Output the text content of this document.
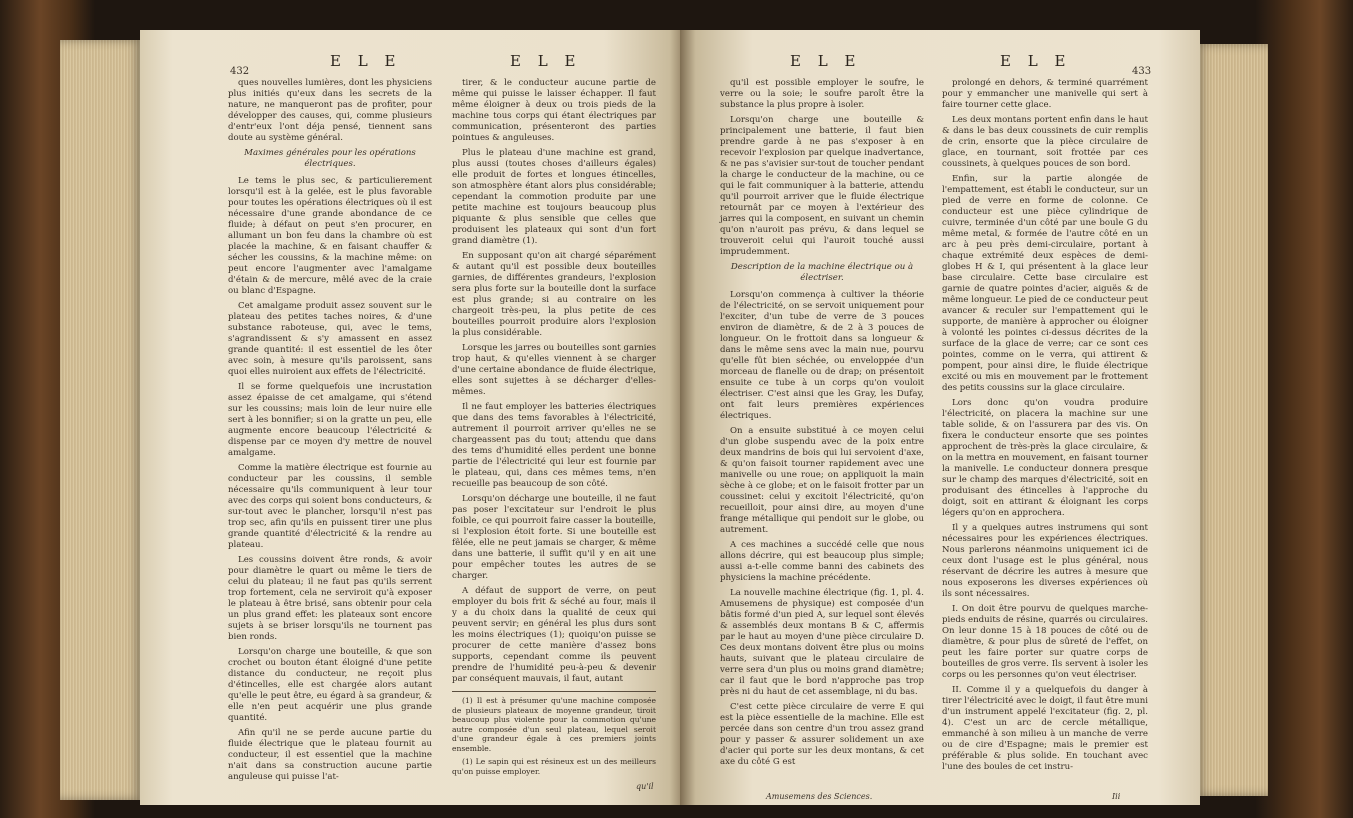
432
E L E	E L E

ques nouvelles lumières, dont les physiciens plus initiés qu'eux dans les secrets de la nature, ne manqueront pas de profiter, pour développer des causes, qui, comme plusieurs d'entr'eux l'ont déja pensé, tiennent sans doute au système général.

Maximes générales pour les opérations électriques.

Le tems le plus sec, & particulierement lorsqu'il est à la gelée, est le plus favorable pour toutes les opérations électriques où il est nécessaire d'une grande abondance de ce fluide; à défaut on peut s'en procurer, en allumant un bon feu dans la chambre où est placée la machine, & en faisant chauffer & sécher les coussins, & la machine même: on peut encore l'augmenter avec l'amalgame d'étain & de mercure, mêlé avec de la craie ou blanc d'Espagne.

Cet amalgame produit assez souvent sur le plateau des petites taches noires, & d'une substance raboteuse, qui, avec le tems, s'agrandissent & s'y amassent en assez grande quantité: il est essentiel de les ôter avec soin, à mesure qu'ils paroissent, sans quoi elles nuiroient aux effets de l'électricité.

Il se forme quelquefois une incrustation assez épaisse de cet amalgame, qui s'étend sur les coussins; mais loin de leur nuire elle sert à les bonnifier; si on la gratte un peu, elle augmente encore beaucoup l'électricité & dispense par ce moyen d'y mettre de nouvel amalgame.

Comme la matière électrique est fournie au conducteur par les coussins, il semble nécessaire qu'ils communiquent à leur tour avec des corps qui soient bons conducteurs, & sur-tout avec le plancher, lorsqu'il n'est pas trop sec, afin qu'ils en puissent tirer une plus grande quantité d'électricité & la rendre au plateau.

Les coussins doivent être ronds, & avoir pour diamètre le quart ou même le tiers de celui du plateau; il ne faut pas qu'ils serrent trop fortement, cela ne serviroit qu'à exposer le plateau à être brisé, sans obtenir pour cela un plus grand effet: les plateaux sont encore sujets à se briser lorsqu'ils ne tournent pas bien ronds.

Lorsqu'on charge une bouteille, & que son crochet ou bouton étant éloigné d'une petite distance du conducteur, ne reçoit plus d'étincelles, elle est chargée alors autant qu'elle le peut être, eu égard à sa grandeur, & elle n'en peut acquérir une plus grande quantité.

Afin qu'il ne se perde aucune partie du fluide électrique que le plateau fournit au conducteur, il est essentiel que la machine n'ait dans sa construction aucune partie anguleuse qui puisse l'at-

tirer, & le conducteur aucune partie de même qui puisse le laisser échapper. Il faut même éloigner à deux ou trois pieds de la machine tous corps qui étant électriques par communication, présenteront des parties pointues & anguleuses.

Plus le plateau d'une machine est grand, plus aussi (toutes choses d'ailleurs égales) elle produit de fortes et longues étincelles, son atmosphère étant alors plus considérable; cependant la commotion produite par une petite machine est toujours beaucoup plus piquante & plus sensible que celles que produisent les plateaux qui sont d'un fort grand diamètre (1).

En supposant qu'on ait chargé séparément & autant qu'il est possible deux bouteilles garnies, de différentes grandeurs, l'explosion sera plus forte sur la bouteille dont la surface est plus grande; si au contraire on les chargeoit très-peu, la plus petite de ces bouteilles pourroit produire alors l'explosion la plus considérable.

Lorsque les jarres ou bouteilles sont garnies trop haut, & qu'elles viennent à se charger d'une certaine abondance de fluide électrique, elles sont sujettes à se décharger d'elles-mêmes.

Il ne faut employer les batteries électriques que dans des tems favorables à l'électricité, autrement il pourroit arriver qu'elles ne se chargeassent pas du tout; attendu que dans des tems d'humidité elles perdent une bonne partie de l'électricité qui leur est fournie par le plateau, qui, dans ces mêmes tems, n'en recueille pas beaucoup de son côté.

Lorsqu'on décharge une bouteille, il ne faut pas poser l'excitateur sur l'endroit le plus foible, ce qui pourroit faire casser la bouteille, si l'explosion étoit forte. Si une bouteille est fêlée, elle ne peut jamais se charger, & même dans une batterie, il suffit qu'il y en ait une pour empêcher toutes les autres de se charger.

A défaut de support de verre, on peut employer du bois frit & séché au four, mais il y a du choix dans la qualité de ceux qui peuvent servir; en général les plus durs sont les moins électriques (1); quoiqu'on puisse se procurer de cette manière d'assez bons supports, cependant comme ils peuvent prendre de l'humidité peu-à-peu & devenir par conséquent mauvais, il faut, autant

(1) Il est à présumer qu'une machine composée de plusieurs plateaux de moyenne grandeur, tiroit beaucoup plus violente pour la commotion qu'une autre composée d'un seul plateau, lequel seroit d'une grandeur égale à ces premiers joints ensemble.

(1) Le sapin qui est résineux est un des meilleurs qu'on puisse employer.

qu'il
E L E	E L E
433

qu'il est possible employer le soufre, le verre ou la soie; le soufre paroît être la substance la plus propre à isoler.

Lorsqu'on charge une bouteille & principalement une batterie, il faut bien prendre garde à ne pas s'exposer à en recevoir l'explosion par quelque inadvertance, & ne pas s'avisier sur-tout de toucher pendant la charge le conducteur de la machine, ou ce qui le fait communiquer à la batterie, attendu qu'il pourroit arriver que le fluide électrique retournât par ce moyen à l'extérieur des jarres qui la composent, en suivant un chemin qu'on n'auroit pas prévu, & dans lequel se trouveroit celui qui l'auroit touché aussi imprudemment.

Description de la machine électrique ou à électriser.

Lorsqu'on commença à cultiver la théorie de l'électricité, on se servoit uniquement pour l'exciter, d'un tube de verre de 3 pouces environ de diamètre, & de 2 à 3 pouces de longueur. On le frottoit dans sa longueur & dans le même sens avec la main nue, pourvu qu'elle fût bien séchée, ou enveloppée d'un morceau de flanelle ou de drap; on présentoit ensuite ce tube à un corps qu'on vouloit électriser. C'est ainsi que les Gray, les Dufay, ont fait leurs premières expériences électriques.

On a ensuite substitué à ce moyen celui d'un globe suspendu avec de la poix entre deux mandrins de bois qui lui servoient d'axe, & qu'on faisoit tourner rapidement avec une manivelle ou une roue; on appliquoit la main sèche à ce globe; et on le faisoit frotter par un coussinet: celui y excitoit l'électricité, qu'on recueilloit, pour ainsi dire, au moyen d'une frange métallique qui pendoit sur le globe, ou autrement.

A ces machines a succédé celle que nous allons décrire, qui est beaucoup plus simple; aussi a-t-elle comme banni des cabinets des physiciens la machine précédente.

La nouvelle machine électrique (fig. 1, pl. 4. Amusemens de physique) est composée d'un bâtis formé d'un pied A, sur lequel sont élevés & assemblés deux montans B & C, affermis par le haut au moyen d'une pièce circulaire D. Ces deux montans doivent être plus ou moins hauts, suivant que le plateau circulaire de verre sera d'un plus ou moins grand diamètre; car il faut que le bord n'approche pas trop près ni du haut de cet assemblage, ni du bas.

C'est cette pièce circulaire de verre E qui est la pièce essentielle de la machine. Elle est percée dans son centre d'un trou assez grand pour y passer & assurer solidement un axe d'acier qui porte sur les deux montans, & cet axe du côté G est

prolongé en dehors, & terminé quarrément pour y emmancher une manivelle qui sert à faire tourner cette glace.

Les deux montans portent enfin dans le haut & dans le bas deux coussinets de cuir remplis de crin, ensorte que la pièce circulaire de glace, en tournant, soit frottée par ces coussinets, à quelques pouces de son bord.

Enfin, sur la partie alongée de l'empattement, est établi le conducteur, sur un pied de verre en forme de colonne. Ce conducteur est une pièce cylindrique de cuivre, terminée d'un côté par une boule G du même metal, & formée de l'autre côté en un arc à peu près demi-circulaire, portant à chaque extrémité deux espèces de demi-globes H & I, qui présentent à la glace leur base circulaire. Cette base circulaire est garnie de quatre pointes d'acier, aiguës & de même longueur. Le pied de ce conducteur peut avancer & reculer sur l'empattement qui le supporte, de manière à approcher ou éloigner à volonté les pointes ci-dessus décrites de la surface de la glace de verre; car ce sont ces pointes, comme on le verra, qui attirent & pompent, pour ainsi dire, le fluide électrique excité ou mis en mouvement par le frottement des petits coussins sur la glace circulaire.

Lors donc qu'on voudra produire l'électricité, on placera la machine sur une table solide, & on l'assurera par des vis. On fixera le conducteur ensorte que ses pointes approchent de très-près la glace circulaire, & on la mettra en mouvement, en faisant tourner la manivelle. Le conducteur donnera presque sur le champ des marques d'électricité, soit en produisant des étincelles à l'approche du doigt, soit en attirant & éloignant les corps légers qu'on en approchera.

Il y a quelques autres instrumens qui sont nécessaires pour les expériences électriques. Nous parlerons néanmoins uniquement ici de ceux dont l'usage est le plus général, nous réservant de décrire les autres à mesure que nous exposerons les diverses expériences où ils sont nécessaires.

I. On doit être pourvu de quelques marche-pieds enduits de résine, quarrés ou circulaires. On leur donne 15 à 18 pouces de côté ou de diamètre, & pour plus de sûreté de l'effet, on peut les faire porter sur quatre corps de bouteilles de gros verre. Ils servent à isoler les corps ou les personnes qu'on veut électriser.

II. Comme il y a quelquefois du danger à tirer l'électricité avec le doigt, il faut être muni d'un instrument appelé l'excitateur (fig. 2, pl. 4). C'est un arc de cercle métallique, emmanché à son milieu à un manche de verre ou de cire d'Espagne; mais le premier est préférable & plus solide. En touchant avec l'une des boules de cet instru-

Amusemens des Sciences.	Iii
